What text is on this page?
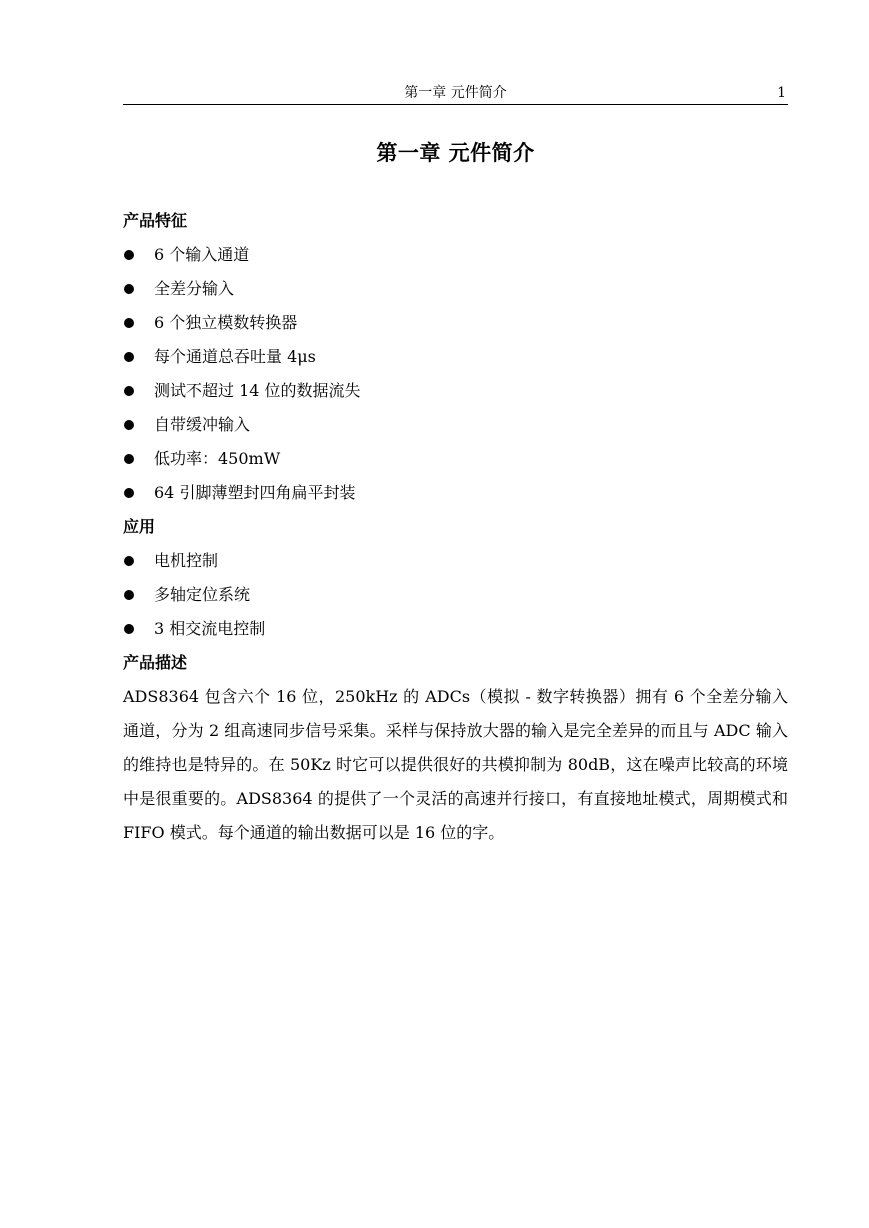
第一章 元件简介	1
第一章 元件简介
产品特征
6 个输入通道
全差分输入
6 个独立模数转换器
每个通道总吞吐量 4μs
测试不超过 14 位的数据流失
自带缓冲输入
低功率：450mW
64 引脚薄塑封四角扁平封装
应用
电机控制
多轴定位系统
3 相交流电控制
产品描述

ADS8364 包含六个 16 位，250kHz 的 ADCs（模拟 - 数字转换器）拥有 6 个全差分输入通道，分为 2 组高速同步信号采集。采样与保持放大器的输入是完全差异的而且与 ADC 输入的维持也是特异的。在 50Kz 时它可以提供很好的共模抑制为 80dB，这在噪声比较高的环境中是很重要的。ADS8364 的提供了一个灵活的高速并行接口，有直接地址模式，周期模式和 FIFO 模式。每个通道的输出数据可以是 16 位的字。
